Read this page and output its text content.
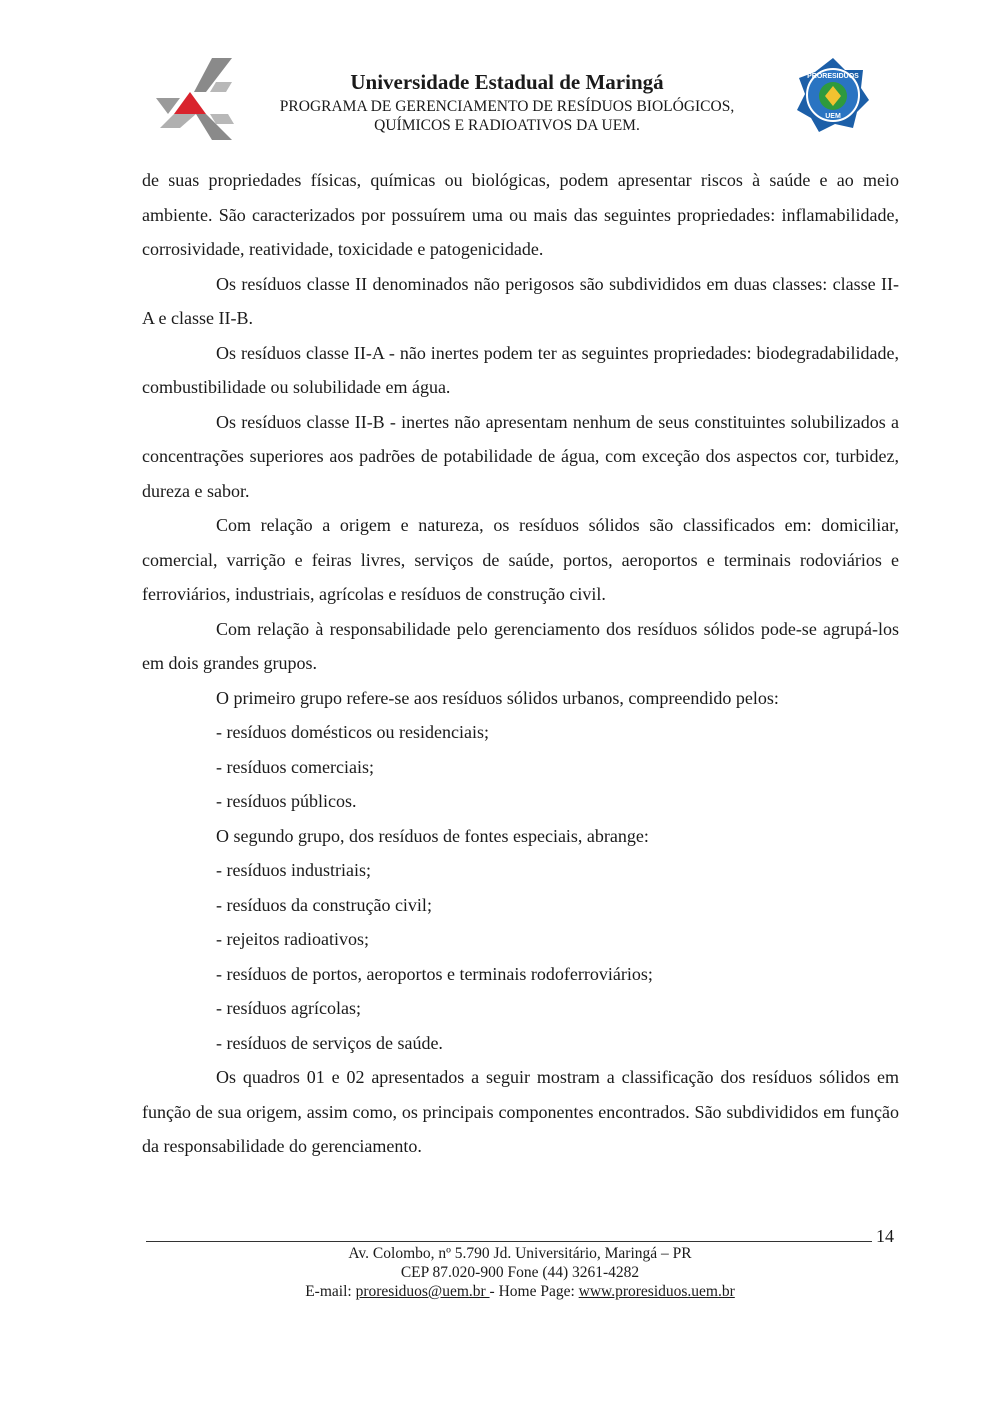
Universidade Estadual de Maringá
PROGRAMA DE GERENCIAMENTO DE RESÍDUOS BIOLÓGICOS,
QUÍMICOS E RADIOATIVOS DA UEM.
PRORESIDUOS
UEM

de suas propriedades físicas, químicas ou biológicas, podem apresentar riscos à saúde e ao meio ambiente. São caracterizados por possuírem uma ou mais das seguintes propriedades: inflamabilidade, corrosividade, reatividade, toxicidade e patogenicidade.

Os resíduos classe II denominados não perigosos são subdivididos em duas classes: classe II-A e classe II-B.

Os resíduos classe II-A - não inertes podem ter as seguintes propriedades: biodegradabilidade, combustibilidade ou solubilidade em água.

Os resíduos classe II-B - inertes não apresentam nenhum de seus constituintes solubilizados a concentrações superiores aos padrões de potabilidade de água, com exceção dos aspectos cor, turbidez, dureza e sabor.

Com relação a origem e natureza, os resíduos sólidos são classificados em: domiciliar, comercial, varrição e feiras livres, serviços de saúde, portos, aeroportos e terminais rodoviários e ferroviários, industriais, agrícolas e resíduos de construção civil.

Com relação à responsabilidade pelo gerenciamento dos resíduos sólidos pode-se agrupá-los em dois grandes grupos.

O primeiro grupo refere-se aos resíduos sólidos urbanos, compreendido pelos:

- resíduos domésticos ou residenciais;

- resíduos comerciais;

- resíduos públicos.

O segundo grupo, dos resíduos de fontes especiais, abrange:

- resíduos industriais;

- resíduos da construção civil;

- rejeitos radioativos;

- resíduos de portos, aeroportos e terminais rodoferroviários;

- resíduos agrícolas;

- resíduos de serviços de saúde.

Os quadros 01 e 02 apresentados a seguir mostram a classificação dos resíduos sólidos em função de sua origem, assim como, os principais componentes encontrados. São subdivididos em função da responsabilidade do gerenciamento.

14
Av. Colombo, nº 5.790 Jd. Universitário, Maringá – PR
CEP 87.020-900 Fone (44) 3261-4282
E-mail: proresiduos@uem.br - Home Page: www.proresiduos.uem.br
